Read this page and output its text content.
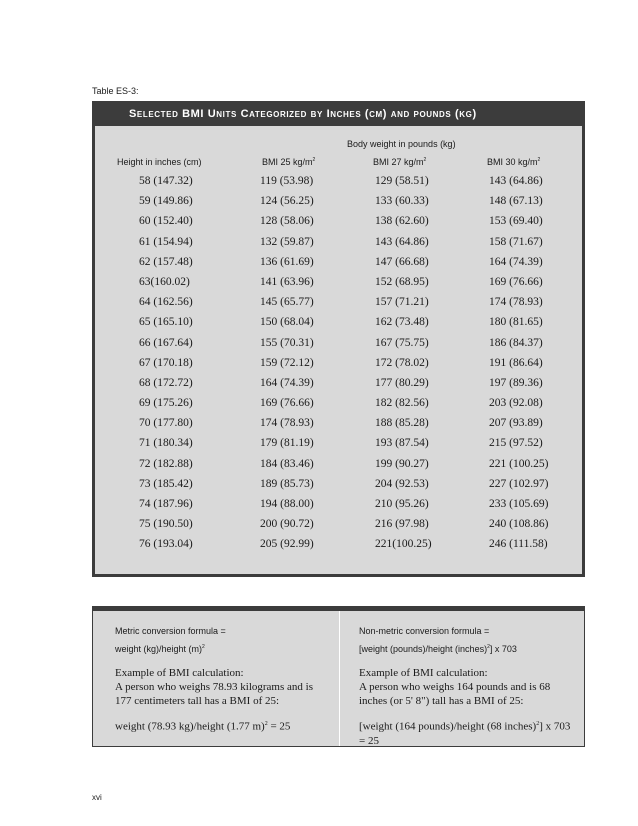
Table ES-3:
Selected BMI Units Categorized by Inches (cm) and pounds (kg)
Body weight in pounds (kg)
Height in inches (cm)	BMI 25 $kg/m^2$	BMI 27 $kg/m^2$	BMI 30 $kg/m^2$
58 (147.32)	119 (53.98)	129 (58.51)	143 (64.86)
59 (149.86)	124 (56.25)	133 (60.33)	148 (67.13)
60 (152.40)	128 (58.06)	138 (62.60)	153 (69.40)
61 (154.94)	132 (59.87)	143 (64.86)	158 (71.67)
62 (157.48)	136 (61.69)	147 (66.68)	164 (74.39)
63(160.02)	141 (63.96)	152 (68.95)	169 (76.66)
64 (162.56)	145 (65.77)	157 (71.21)	174 (78.93)
65 (165.10)	150 (68.04)	162 (73.48)	180 (81.65)
66 (167.64)	155 (70.31)	167 (75.75)	186 (84.37)
67 (170.18)	159 (72.12)	172 (78.02)	191 (86.64)
68 (172.72)	164 (74.39)	177 (80.29)	197 (89.36)
69 (175.26)	169 (76.66)	182 (82.56)	203 (92.08)
70 (177.80)	174 (78.93)	188 (85.28)	207 (93.89)
71 (180.34)	179 (81.19)	193 (87.54)	215 (97.52)
72 (182.88)	184 (83.46)	199 (90.27)	221 (100.25)
73 (185.42)	189 (85.73)	204 (92.53)	227 (102.97)
74 (187.96)	194 (88.00)	210 (95.26)	233 (105.69)
75 (190.50)	200 (90.72)	216 (97.98)	240 (108.86)
76 (193.04)	205 (92.99)	221(100.25)	246 (111.58)
Metric conversion formula =
weight (kg)/height $(m)^2$
Example of BMI calculation:
A person who weighs 78.93 kilograms and is 177 centimeters tall has a BMI of 25:
weight (78.93 kg)/height (1.77 m)$^2$ = 25
Non-metric conversion formula =
[weight (pounds)/height (inches)$^2$] x 703
Example of BMI calculation:
A person who weighs 164 pounds and is 68 inches (or 5' 8") tall has a BMI of 25:
[weight (164 pounds)/height (68 inches)$^2$] x 703 = 25
xvi
